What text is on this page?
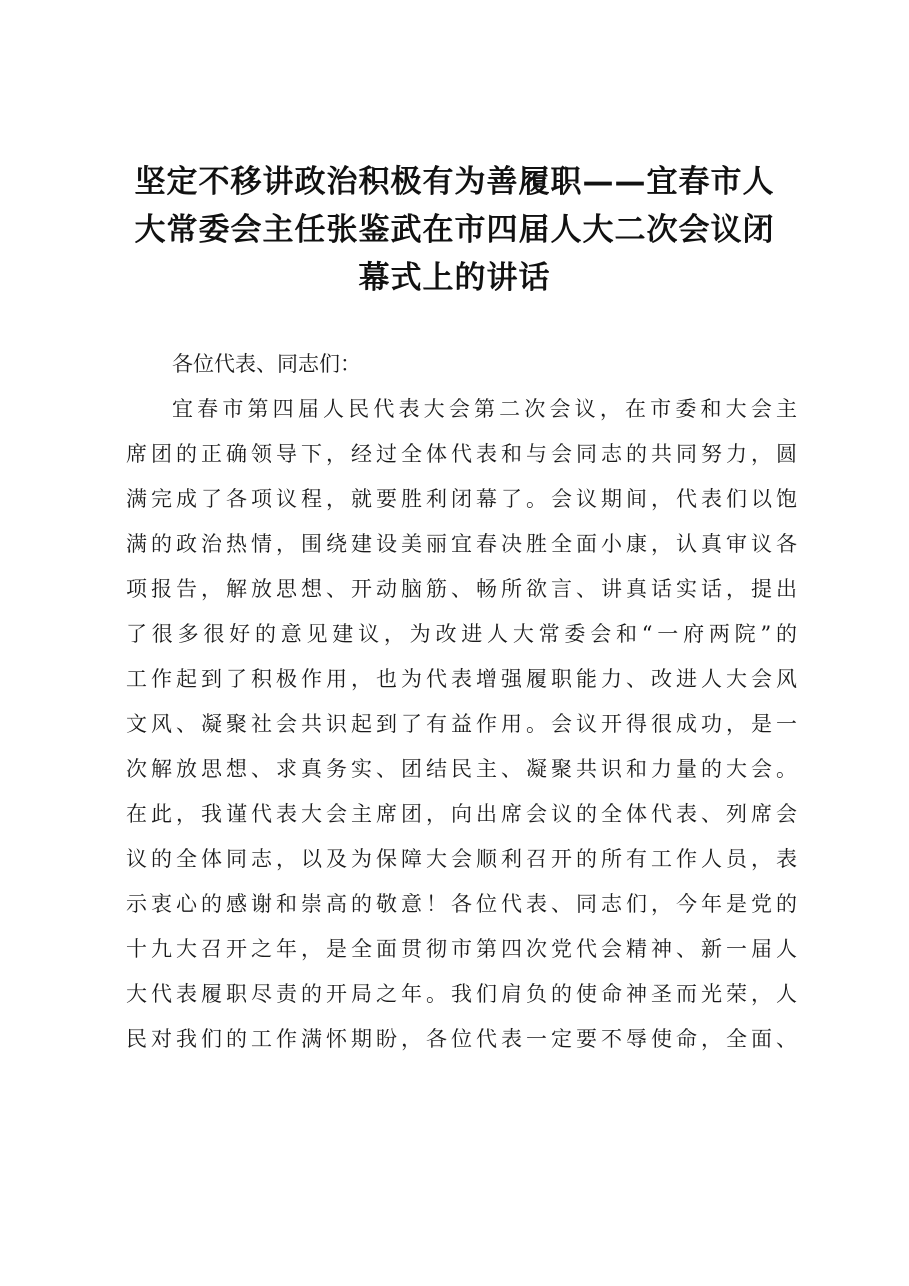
坚定不移讲政治积极有为善履职——宜春市人
大常委会主任张鉴武在市四届人大二次会议闭
幕式上的讲话
各位代表、同志们：
宜春市第四届人民代表大会第二次会议，在市委和大会主
席团的正确领导下，经过全体代表和与会同志的共同努力，圆
满完成了各项议程，就要胜利闭幕了。会议期间，代表们以饱
满的政治热情，围绕建设美丽宜春决胜全面小康，认真审议各
项报告，解放思想、开动脑筋、畅所欲言、讲真话实话，提出
了很多很好的意见建议，为改进人大常委会和“一府两院”的
工作起到了积极作用，也为代表增强履职能力、改进人大会风
文风、凝聚社会共识起到了有益作用。会议开得很成功，是一
次解放思想、求真务实、团结民主、凝聚共识和力量的大会。
在此，我谨代表大会主席团，向出席会议的全体代表、列席会
议的全体同志，以及为保障大会顺利召开的所有工作人员，表
示衷心的感谢和崇高的敬意！各位代表、同志们，今年是党的
十九大召开之年，是全面贯彻市第四次党代会精神、新一届人
大代表履职尽责的开局之年。我们肩负的使命神圣而光荣，人
民对我们的工作满怀期盼，各位代表一定要不辱使命，全面、
